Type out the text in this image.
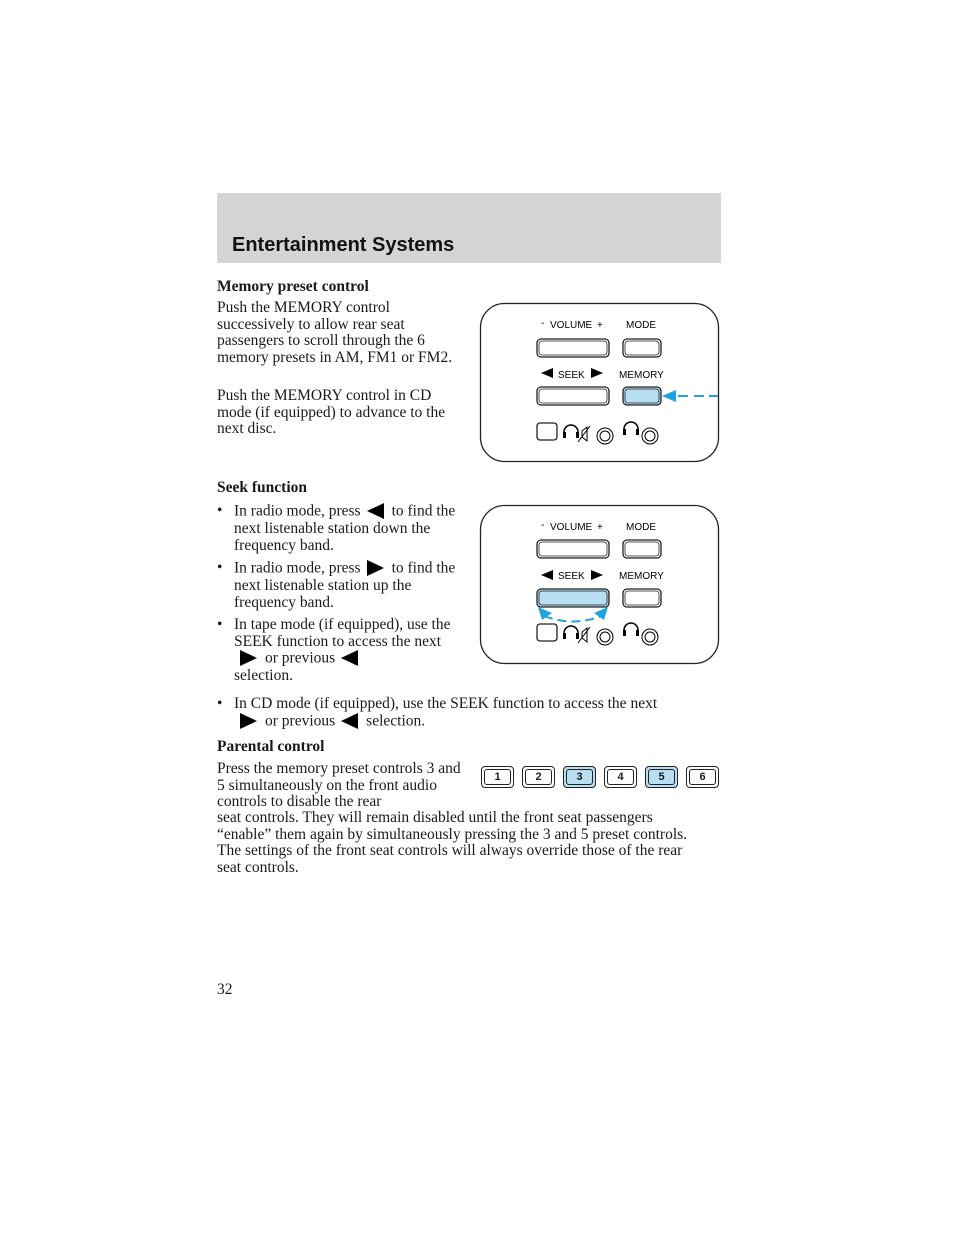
Entertainment Systems
Memory preset control
Push the MEMORY control successively to allow rear seat passengers to scroll through the 6 memory presets in AM, FM1 or FM2.
Push the MEMORY control in CD mode (if equipped) to advance to the next disc.
- VOLUME + MODE
SEEK	MEMORY
Seek function
• In radio mode, press to find the next listenable station down the frequency band.
• In radio mode, press to find the next listenable station up the frequency band.
• In tape mode (if equipped), use the SEEK function to access the nextor previous
selection.
• In CD mode (if equipped), use the SEEK function to access the nextor previous selection.
- VOLUME + MODE
SEEK	MEMORY
Parental control
Press the memory preset controls 3 and 5 simultaneously on the front audio controls to disable the rear
seat controls. They will remain disabled until the front seat passengers “enable” them again by simultaneously pressing the 3 and 5 preset controls. The settings of the front seat controls will always override those of the rear seat controls.
1	2	3	4	5	6
32
